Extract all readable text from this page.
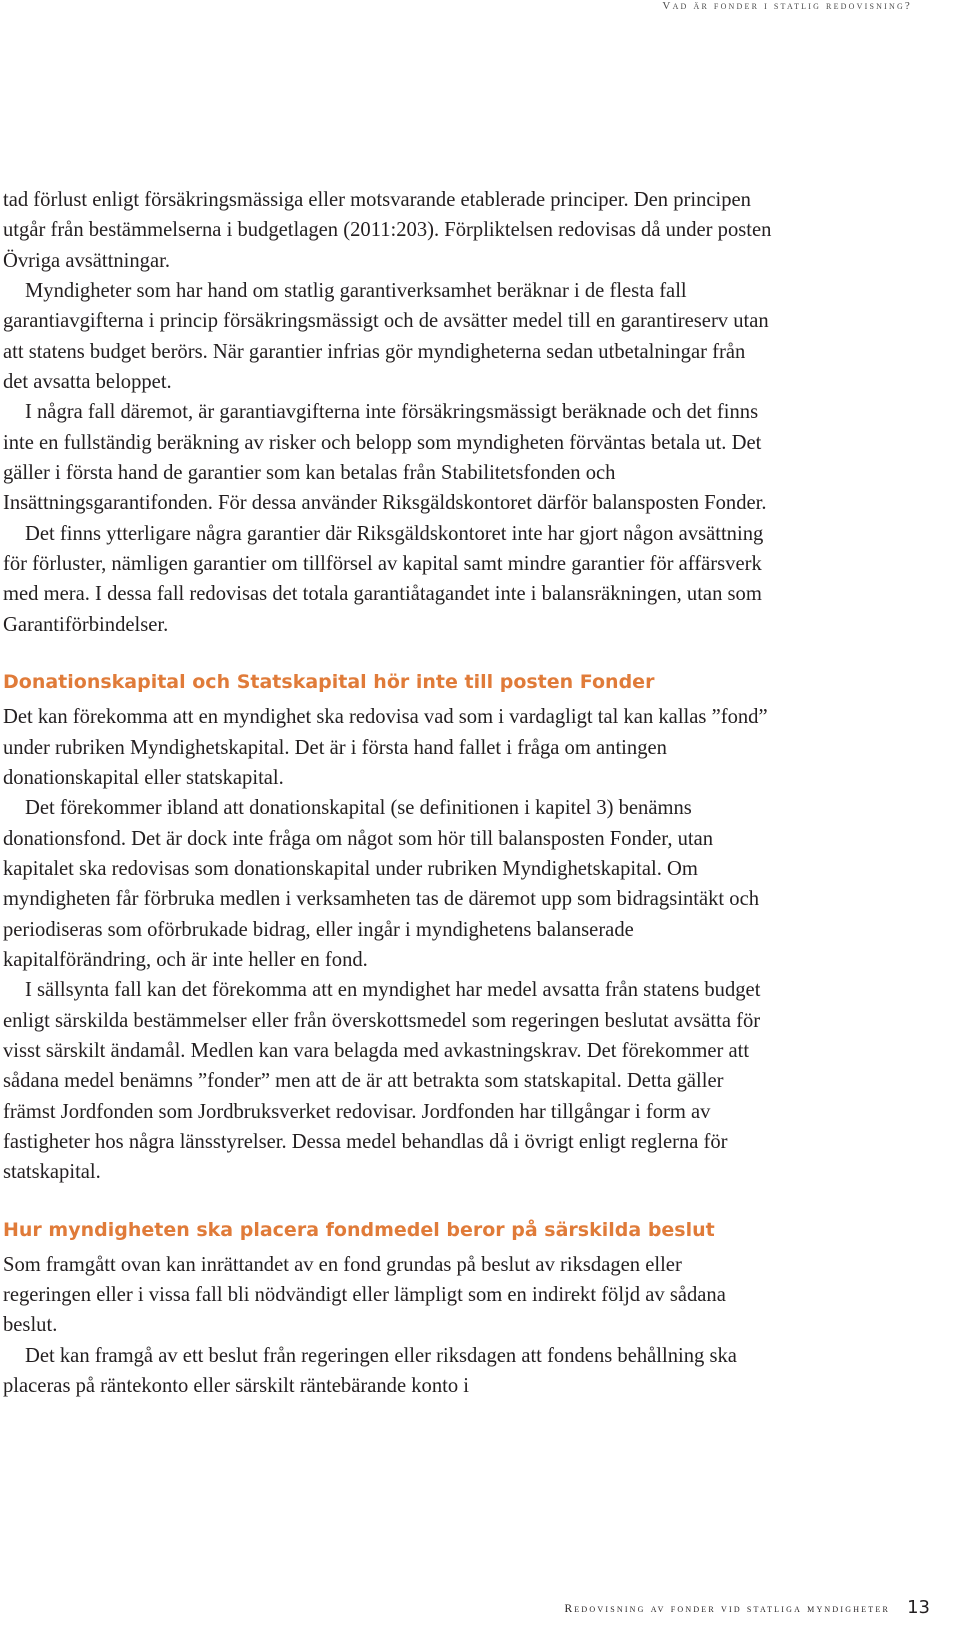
Vad är fonder i statlig redovisning?

tad förlust enligt försäkringsmässiga eller motsvarande etablerade principer. Den principen utgår från bestämmelserna i budgetlagen (2011:203). Förpliktelsen redovisas då under posten Övriga avsättningar.

Myndigheter som har hand om statlig garantiverksamhet beräknar i de flesta fall garantiavgifterna i princip försäkringsmässigt och de avsätter medel till en garantireserv utan att statens budget berörs. När garantier infrias gör myndigheterna sedan utbetalningar från det avsatta beloppet.

I några fall däremot, är garantiavgifterna inte försäkringsmässigt beräknade och det finns inte en fullständig beräkning av risker och belopp som myndigheten förväntas betala ut. Det gäller i första hand de garantier som kan betalas från Stabilitetsfonden och Insättningsgarantifonden. För dessa använder Riksgäldskontoret därför balansposten Fonder.

Det finns ytterligare några garantier där Riksgäldskontoret inte har gjort någon avsättning för förluster, nämligen garantier om tillförsel av kapital samt mindre garantier för affärsverk med mera. I dessa fall redovisas det totala garantiåtagandet inte i balansräkningen, utan som Garantiförbindelser.

Donationskapital och Statskapital hör inte till posten Fonder

Det kan förekomma att en myndighet ska redovisa vad som i vardagligt tal kan kallas ”fond” under rubriken Myndighetskapital. Det är i första hand fallet i fråga om antingen donationskapital eller statskapital.

Det förekommer ibland att donationskapital (se definitionen i kapitel 3) benämns donationsfond. Det är dock inte fråga om något som hör till balansposten Fonder, utan kapitalet ska redovisas som donationskapital under rubriken Myndighetskapital. Om myndigheten får förbruka medlen i verksamheten tas de däremot upp som bidragsintäkt och periodiseras som oförbrukade bidrag, eller ingår i myndighetens balanserade kapitalförändring, och är inte heller en fond.

I sällsynta fall kan det förekomma att en myndighet har medel avsatta från statens budget enligt särskilda bestämmelser eller från överskottsmedel som regeringen beslutat avsätta för visst särskilt ändamål. Medlen kan vara belagda med avkastningskrav. Det förekommer att sådana medel benämns ”fonder” men att de är att betrakta som statskapital. Detta gäller främst Jordfonden som Jordbruksverket redovisar. Jordfonden har tillgångar i form av fastigheter hos några länsstyrelser. Dessa medel behandlas då i övrigt enligt reglerna för statskapital.

Hur myndigheten ska placera fondmedel beror på särskilda beslut

Som framgått ovan kan inrättandet av en fond grundas på beslut av riksdagen eller regeringen eller i vissa fall bli nödvändigt eller lämpligt som en indirekt följd av sådana beslut.

Det kan framgå av ett beslut från regeringen eller riksdagen att fondens behållning ska placeras på räntekonto eller särskilt räntebärande konto i

Redovisning av fonder vid statliga myndigheter 13
